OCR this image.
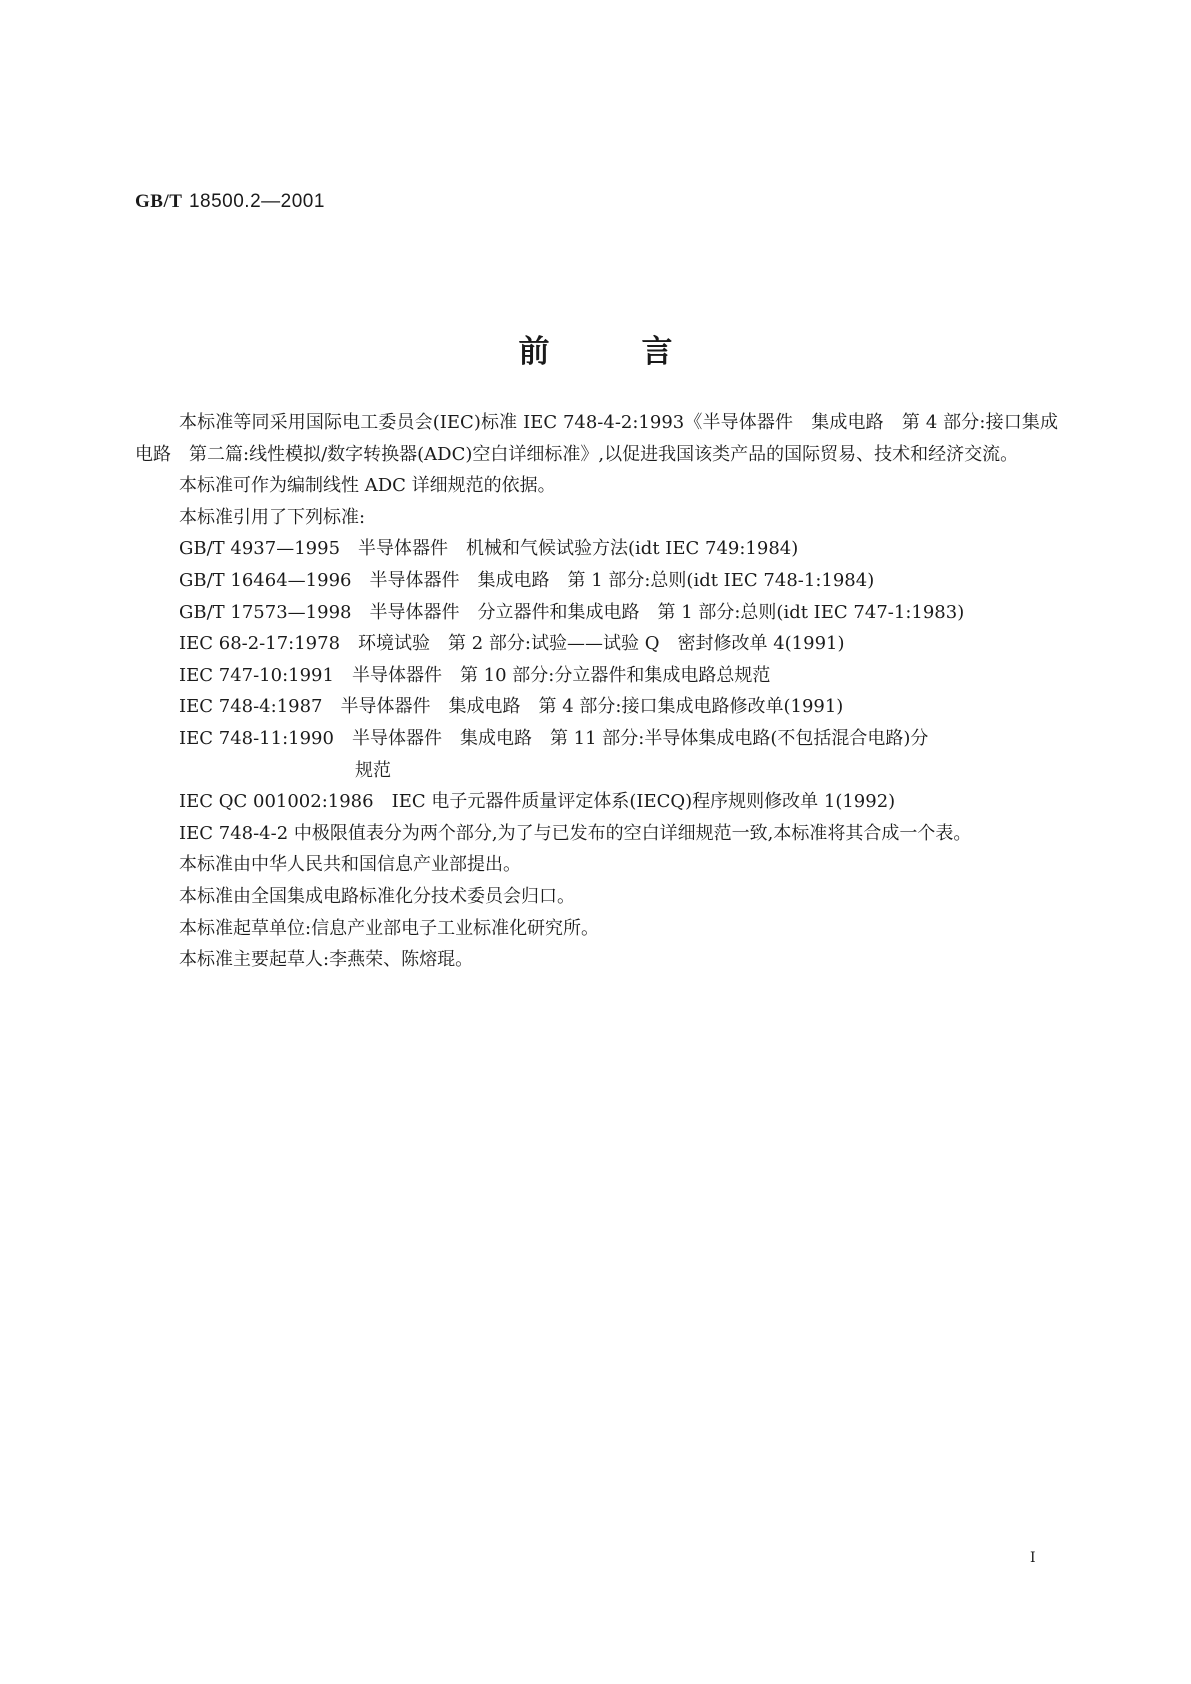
GB/T 18500.2—2001
前言

本标准等同采用国际电工委员会(IEC)标准 IEC 748-4-2:1993《半导体器件　集成电路　第 4 部分:接口集成电路　第二篇:线性模拟/数字转换器(ADC)空白详细标准》,以促进我国该类产品的国际贸易、技术和经济交流。

本标准可作为编制线性 ADC 详细规范的依据。

本标准引用了下列标准:

GB/T 4937—1995　半导体器件　机械和气候试验方法(idt IEC 749:1984)

GB/T 16464—1996　半导体器件　集成电路　第 1 部分:总则(idt IEC 748-1:1984)

GB/T 17573—1998　半导体器件　分立器件和集成电路　第 1 部分:总则(idt IEC 747-1:1983)

IEC 68-2-17:1978　环境试验　第 2 部分:试验——试验 Q　密封修改单 4(1991)

IEC 747-10:1991　半导体器件　第 10 部分:分立器件和集成电路总规范

IEC 748-4:1987　半导体器件　集成电路　第 4 部分:接口集成电路修改单(1991)

IEC 748-11:1990　半导体器件　集成电路　第 11 部分:半导体集成电路(不包括混合电路)分
规范

IEC QC 001002:1986　IEC 电子元器件质量评定体系(IECQ)程序规则修改单 1(1992)

IEC 748-4-2 中极限值表分为两个部分,为了与已发布的空白详细规范一致,本标准将其合成一个表。

本标准由中华人民共和国信息产业部提出。

本标准由全国集成电路标准化分技术委员会归口。

本标准起草单位:信息产业部电子工业标准化研究所。

本标准主要起草人:李燕荣、陈熔琨。

I
